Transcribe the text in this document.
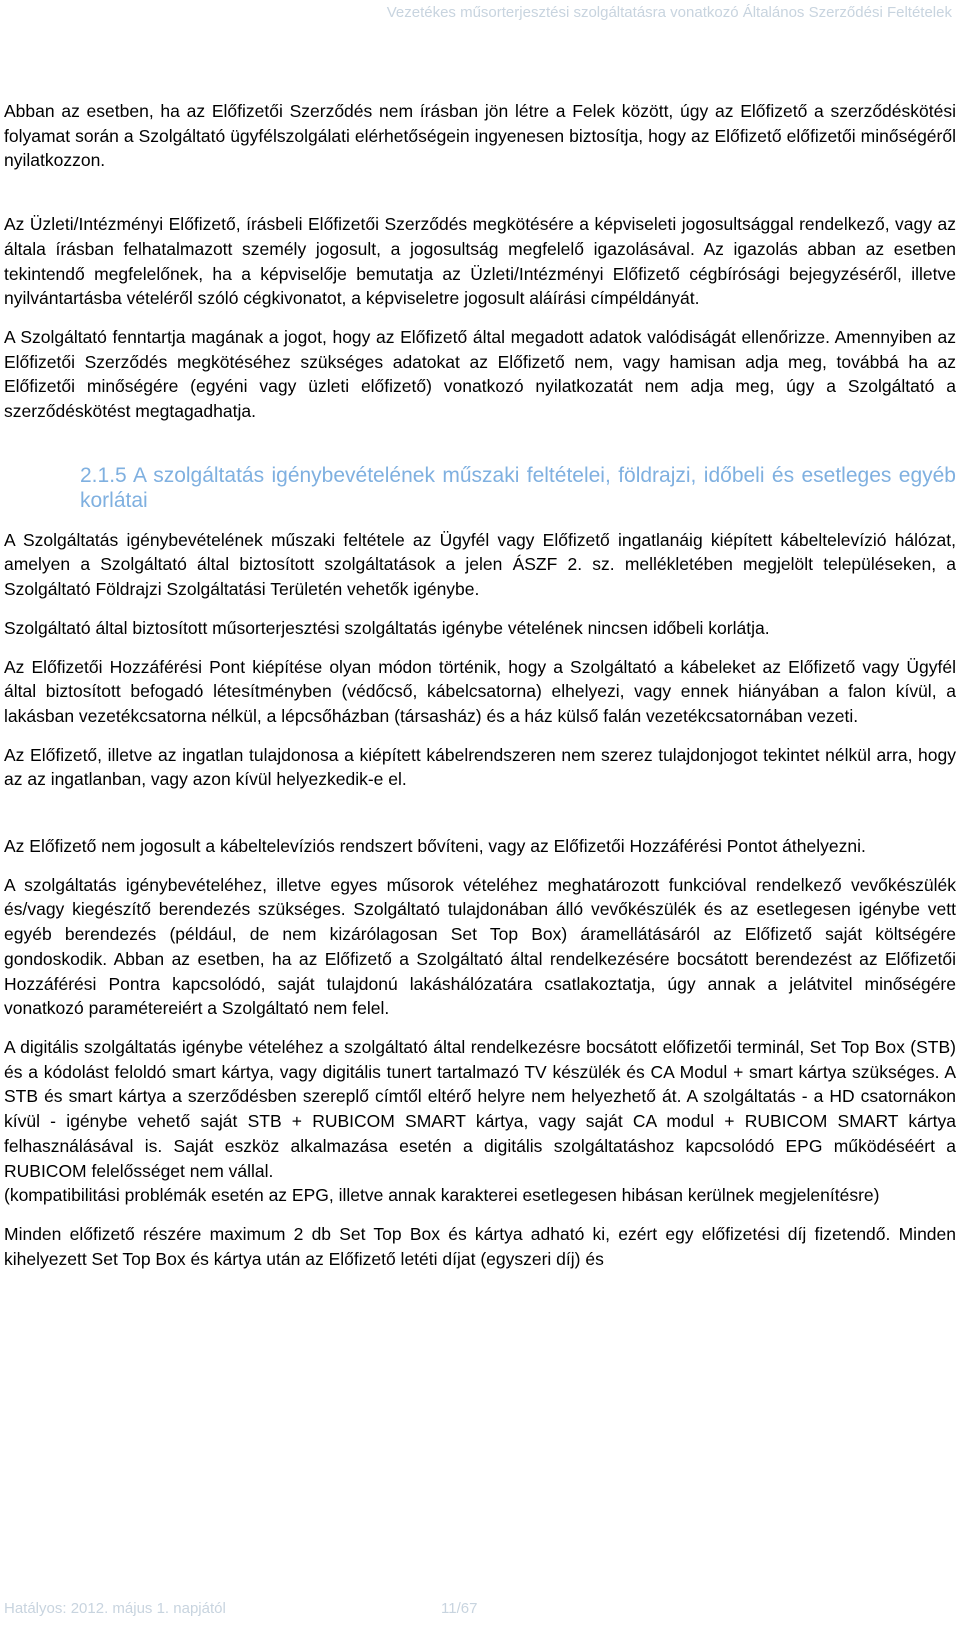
Vezetékes műsorterjesztési szolgáltatásra vonatkozó Általános Szerződési Feltételek

Abban az esetben, ha az Előfizetői Szerződés nem írásban jön létre a Felek között, úgy az Előfizető a szerződéskötési folyamat során a Szolgáltató ügyfélszolgálati elérhetőségein ingyenesen biztosítja, hogy az Előfizető előfizetői minőségéről nyilatkozzon.

Az Üzleti/Intézményi Előfizető, írásbeli Előfizetői Szerződés megkötésére a képviseleti jogosultsággal rendelkező, vagy az általa írásban felhatalmazott személy jogosult, a jogosultság megfelelő igazolásával. Az igazolás abban az esetben tekintendő megfelelőnek, ha a képviselője bemutatja az Üzleti/Intézményi Előfizető cégbírósági bejegyzéséről, illetve nyilvántartásba vételéről szóló cégkivonatot, a képviseletre jogosult aláírási címpéldányát.

A Szolgáltató fenntartja magának a jogot, hogy az Előfizető által megadott adatok valódiságát ellenőrizze. Amennyiben az Előfizetői Szerződés megkötéséhez szükséges adatokat az Előfizető nem, vagy hamisan adja meg, továbbá ha az Előfizetői minőségére (egyéni vagy üzleti előfizető) vonatkozó nyilatkozatát nem adja meg, úgy a Szolgáltató a szerződéskötést megtagadhatja.

2.1.5 A szolgáltatás igénybevételének műszaki feltételei, földrajzi, időbeli és esetleges egyéb korlátai

A Szolgáltatás igénybevételének műszaki feltétele az Ügyfél vagy Előfizető ingatlanáig kiépített kábeltelevízió hálózat, amelyen a Szolgáltató által biztosított szolgáltatások a jelen ÁSZF 2. sz. mellékletében megjelölt településeken, a Szolgáltató Földrajzi Szolgáltatási Területén vehetők igénybe.

Szolgáltató által biztosított műsorterjesztési szolgáltatás igénybe vételének nincsen időbeli korlátja.

Az Előfizetői Hozzáférési Pont kiépítése olyan módon történik, hogy a Szolgáltató a kábeleket az Előfizető vagy Ügyfél által biztosított befogadó létesítményben (védőcső, kábelcsatorna) elhelyezi, vagy ennek hiányában a falon kívül, a lakásban vezetékcsatorna nélkül, a lépcsőházban (társasház) és a ház külső falán vezetékcsatornában vezeti.

Az Előfizető, illetve az ingatlan tulajdonosa a kiépített kábelrendszeren nem szerez tulajdonjogot tekintet nélkül arra, hogy az az ingatlanban, vagy azon kívül helyezkedik-e el.

Az Előfizető nem jogosult a kábeltelevíziós rendszert bővíteni, vagy az Előfizetői Hozzáférési Pontot áthelyezni.

A szolgáltatás igénybevételéhez, illetve egyes műsorok vételéhez meghatározott funkcióval rendelkező vevőkészülék és/vagy kiegészítő berendezés szükséges. Szolgáltató tulajdonában álló vevőkészülék és az esetlegesen igénybe vett egyéb berendezés (például, de nem kizárólagosan Set Top Box) áramellátásáról az Előfizető saját költségére gondoskodik. Abban az esetben, ha az Előfizető a Szolgáltató által rendelkezésére bocsátott berendezést az Előfizetői Hozzáférési Pontra kapcsolódó, saját tulajdonú lakáshálózatára csatlakoztatja, úgy annak a jelátvitel minőségére vonatkozó paramétereiért a Szolgáltató nem felel.

A digitális szolgáltatás igénybe vételéhez a szolgáltató által rendelkezésre bocsátott előfizetői terminál, Set Top Box (STB) és a kódolást feloldó smart kártya, vagy digitális tunert tartalmazó TV készülék és CA Modul + smart kártya szükséges. A STB és smart kártya a szerződésben szereplő címtől eltérő helyre nem helyezhető át. A szolgáltatás - a HD csatornákon kívül - igénybe vehető saját STB + RUBICOM SMART kártya, vagy saját CA modul + RUBICOM SMART kártya felhasználásával is. Saját eszköz alkalmazása esetén a digitális szolgáltatáshoz kapcsolódó EPG működéséért a RUBICOM felelősséget nem vállal.

(kompatibilitási problémák esetén az EPG, illetve annak karakterei esetlegesen hibásan kerülnek megjelenítésre)

Minden előfizető részére maximum 2 db Set Top Box és kártya adható ki, ezért egy előfizetési díj fizetendő. Minden kihelyezett Set Top Box és kártya után az Előfizető letéti díjat (egyszeri díj) és

Hatályos: 2012. május 1. napjától	11/67
